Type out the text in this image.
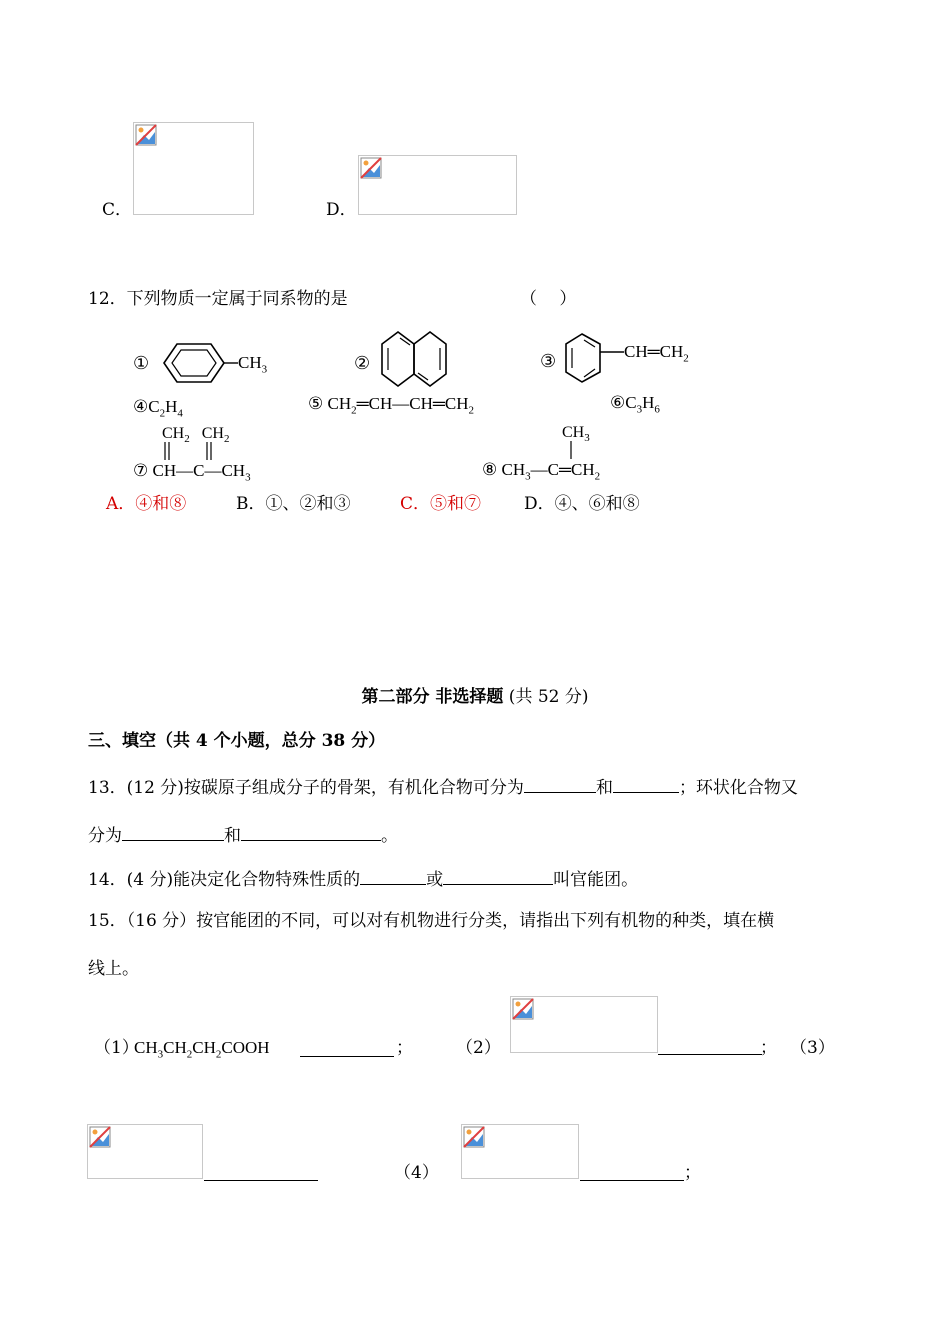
C．	D．
12．下列物质一定属于同系物的是	（　 ）
①	$CH_3$	②	③	$CH═CH_2$
$④C_2H_4$
⑤ $CH_2═CH—CH═CH_2$	$⑥C_3H_6$
$CH_2$   $CH_2$
⑦ $CH—C—CH_3$
$CH_3$
⑧ $CH_3—C═CH_2$
A．④和⑧	B．①、②和③	C．⑤和⑦	D．④、⑥和⑧
第二部分 非选择题 (共 52 分)
三、填空（共 4 个小题，总分 38 分）
13．(12 分)按碳原子组成分子的骨架，有机化合物可分为	和	；环状化合物又
分为	和	。
14．(4 分)能决定化合物特殊性质的	或	叫官能团。
15．（16 分）按官能团的不同，可以对有机物进行分类，请指出下列有机物的种类，填在横
线上。
（1）
$CH_3CH_2CH_2COOH$	；	（2）	； （3）
（4）	；
